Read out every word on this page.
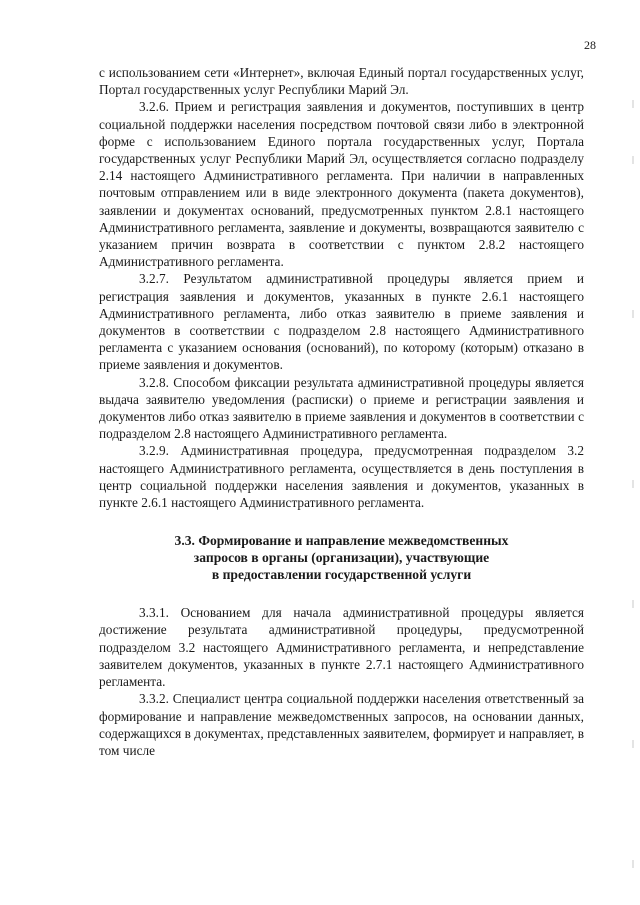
28

с использованием сети «Интернет», включая Единый портал государственных услуг, Портал государственных услуг Республики Марий Эл.

3.2.6. Прием и регистрация заявления и документов, поступивших в центр социальной поддержки населения посредством почтовой связи либо в электронной форме с использованием Единого портала государственных услуг, Портала государственных услуг Республики Марий Эл, осуществляется согласно подразделу 2.14 настоящего Административного регламента. При наличии в направленных почтовым отправлением или в виде электронного документа (пакета документов), заявлении и документах оснований, предусмотренных пунктом 2.8.1 настоящего Административного регламента, заявление и документы, возвращаются заявителю с указанием причин возврата в соответствии с пунктом 2.8.2 настоящего Административного регламента.

3.2.7. Результатом административной процедуры является прием и регистрация заявления и документов, указанных в пункте 2.6.1 настоящего Административного регламента, либо отказ заявителю в приеме заявления и документов в соответствии с подразделом 2.8 настоящего Административного регламента с указанием основания (оснований), по которому (которым) отказано в приеме заявления и документов.

3.2.8. Способом фиксации результата административной процедуры является выдача заявителю уведомления (расписки) о приеме и регистрации заявления и документов либо отказ заявителю в приеме заявления и документов в соответствии с подразделом 2.8 настоящего Административного регламента.

3.2.9. Административная процедура, предусмотренная подразделом 3.2 настоящего Административного регламента, осуществляется в день поступления в центр социальной поддержки населения заявления и документов, указанных в пункте 2.6.1 настоящего Административного регламента.

3.3. Формирование и направление межведомственных
запросов в органы (организации), участвующие
в предоставлении государственной услуги

3.3.1. Основанием для начала административной процедуры является достижение результата административной процедуры, предусмотренной подразделом 3.2 настоящего Административного регламента, и непредставление заявителем документов, указанных в пункте 2.7.1 настоящего Административного регламента.

3.3.2. Специалист центра социальной поддержки населения ответственный за формирование и направление межведомственных запросов, на основании данных, содержащихся в документах, представленных заявителем, формирует и направляет, в том числе
